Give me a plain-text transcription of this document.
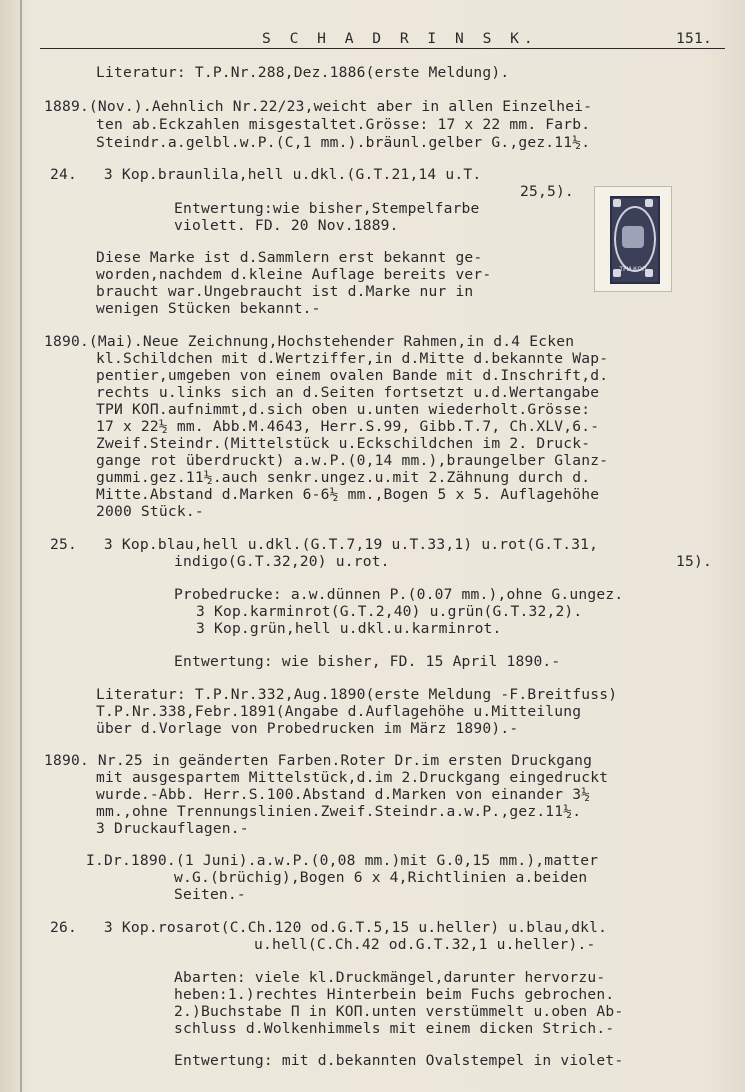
S C H A D R I N S K.	151.
Literatur: T.P.Nr.288,Dez.1886(erste Meldung).
1889.(Nov.).Aehnlich Nr.22/23,weicht aber in allen Einzelhei-
ten ab.Eckzahlen misgestaltet.Grösse: 17 x 22 mm. Farb.
Steindr.a.gelbl.w.P.(C,1 mm.).bräunl.gelber G.,gez.11½.
24.   3 Kop.braunlila,hell u.dkl.(G.T.21,14 u.T.
25,5).
Entwertung:wie bisher,Stempelfarbe
violett. FD. 20 Nov.1889.
Diese Marke ist d.Sammlern erst bekannt ge-
worden,nachdem d.kleine Auflage bereits ver-
braucht war.Ungebraucht ist d.Marke nur in
wenigen Stücken bekannt.-
1890.(Mai).Neue Zeichnung,Hochstehender Rahmen,in d.4 Ecken
kl.Schildchen mit d.Wertziffer,in d.Mitte d.bekannte Wap-
pentier,umgeben von einem ovalen Bande mit d.Inschrift,d.
rechts u.links sich an d.Seiten fortsetzt u.d.Wertangabe
ТРИ КОП.aufnimmt,d.sich oben u.unten wiederholt.Grösse:
17 x 22½ mm. Abb.M.4643, Herr.S.99, Gibb.T.7, Ch.XLV,6.-
Zweif.Steindr.(Mittelstück u.Eckschildchen im 2. Druck-
gange rot überdruckt) a.w.P.(0,14 mm.),braungelber Glanz-
gummi.gez.11½.auch senkr.ungez.u.mit 2.Zähnung durch d.
Mitte.Abstand d.Marken 6-6½ mm.,Bogen 5 x 5. Auflagehöhe
2000 Stück.-
25.   3 Kop.blau,hell u.dkl.(G.T.7,19 u.T.33,1) u.rot(G.T.31,
indigo(G.T.32,20) u.rot.	15).
Probedrucke: a.w.dünnen P.(0.07 mm.),ohne G.ungez.
3 Kop.karminrot(G.T.2,40) u.grün(G.T.32,2).
3 Kop.grün,hell u.dkl.u.karminrot.
Entwertung: wie bisher, FD. 15 April 1890.-
Literatur: T.P.Nr.332,Aug.1890(erste Meldung -F.Breitfuss)
T.P.Nr.338,Febr.1891(Angabe d.Auflagehöhe u.Mitteilung
über d.Vorlage von Probedrucken im März 1890).-
1890. Nr.25 in geänderten Farben.Roter Dr.im ersten Druckgang
mit ausgespartem Mittelstück,d.im 2.Druckgang eingedruckt
wurde.-Abb. Herr.S.100.Abstand d.Marken von einander 3½
mm.,ohne Trennungslinien.Zweif.Steindr.a.w.P.,gez.11½.
3 Druckauflagen.-
I.Dr.1890.(1 Juni).a.w.P.(0,08 mm.)mit G.0,15 mm.),matter
w.G.(brüchig),Bogen 6 x 4,Richtlinien a.beiden
Seiten.-
26.   3 Kop.rosarot(C.Ch.120 od.G.T.5,15 u.heller) u.blau,dkl.
u.hell(C.Ch.42 od.G.T.32,1 u.heller).-
Abarten: viele kl.Druckmängel,darunter hervorzu-
heben:1.)rechtes Hinterbein beim Fuchs gebrochen.
2.)Buchstabe П in КОП.unten verstümmelt u.oben Ab-
schluss d.Wolkenhimmels mit einem dicken Strich.-
Entwertung: mit d.bekannten Ovalstempel in violet-
ТРИ КОП
